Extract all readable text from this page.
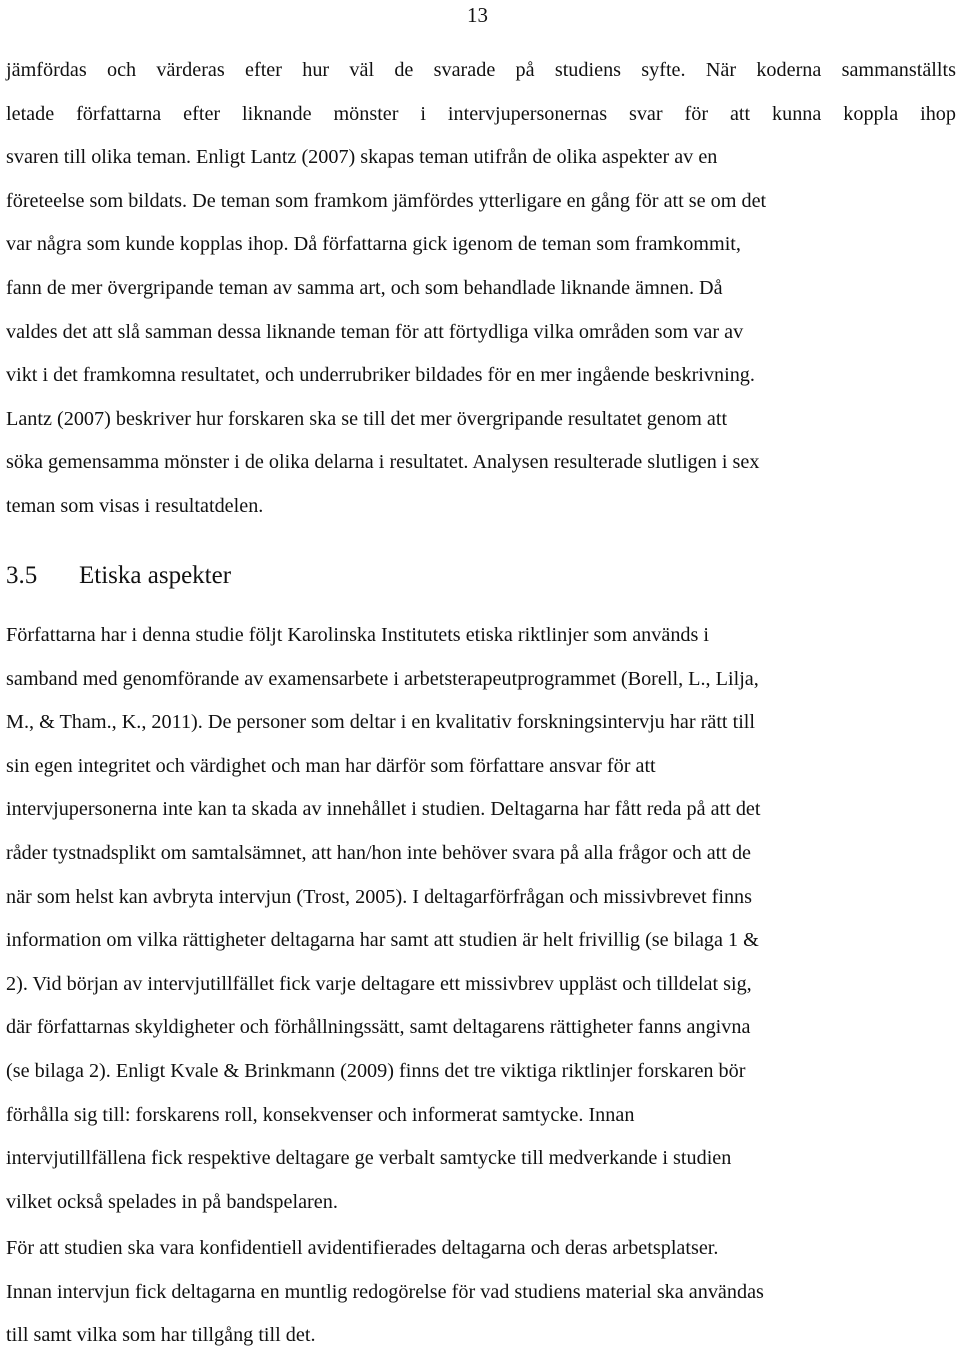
13
jämfördas och värderas efter hur väl de svarade på studiens syfte. När koderna sammanställts
letade författarna efter liknande mönster i intervjupersonernas svar för att kunna koppla ihop
svaren till olika teman. Enligt Lantz (2007) skapas teman utifrån de olika aspekter av en
företeelse som bildats. De teman som framkom jämfördes ytterligare en gång för att se om det
var några som kunde kopplas ihop. Då författarna gick igenom de teman som framkommit,
fann de mer övergripande teman av samma art, och som behandlade liknande ämnen. Då
valdes det att slå samman dessa liknande teman för att förtydliga vilka områden som var av
vikt i det framkomna resultatet, och underrubriker bildades för en mer ingående beskrivning.
Lantz (2007) beskriver hur forskaren ska se till det mer övergripande resultatet genom att
söka gemensamma mönster i de olika delarna i resultatet. Analysen resulterade slutligen i sex
teman som visas i resultatdelen.
3.5 Etiska aspekter
Författarna har i denna studie följt Karolinska Institutets etiska riktlinjer som används i
samband med genomförande av examensarbete i arbetsterapeutprogrammet (Borell, L., Lilja,
M., & Tham., K., 2011). De personer som deltar i en kvalitativ forskningsintervju har rätt till
sin egen integritet och värdighet och man har därför som författare ansvar för att
intervjupersonerna inte kan ta skada av innehållet i studien. Deltagarna har fått reda på att det
råder tystnadsplikt om samtalsämnet, att han/hon inte behöver svara på alla frågor och att de
när som helst kan avbryta intervjun (Trost, 2005). I deltagarförfrågan och missivbrevet finns
information om vilka rättigheter deltagarna har samt att studien är helt frivillig (se bilaga 1 &
2). Vid början av intervjutillfället fick varje deltagare ett missivbrev uppläst och tilldelat sig,
där författarnas skyldigheter och förhållningssätt, samt deltagarens rättigheter fanns angivna
(se bilaga 2). Enligt Kvale & Brinkmann (2009) finns det tre viktiga riktlinjer forskaren bör
förhålla sig till: forskarens roll, konsekvenser och informerat samtycke. Innan
intervjutillfällena fick respektive deltagare ge verbalt samtycke till medverkande i studien
vilket också spelades in på bandspelaren.
För att studien ska vara konfidentiell avidentifierades deltagarna och deras arbetsplatser.
Innan intervjun fick deltagarna en muntlig redogörelse för vad studiens material ska användas
till samt vilka som har tillgång till det.
